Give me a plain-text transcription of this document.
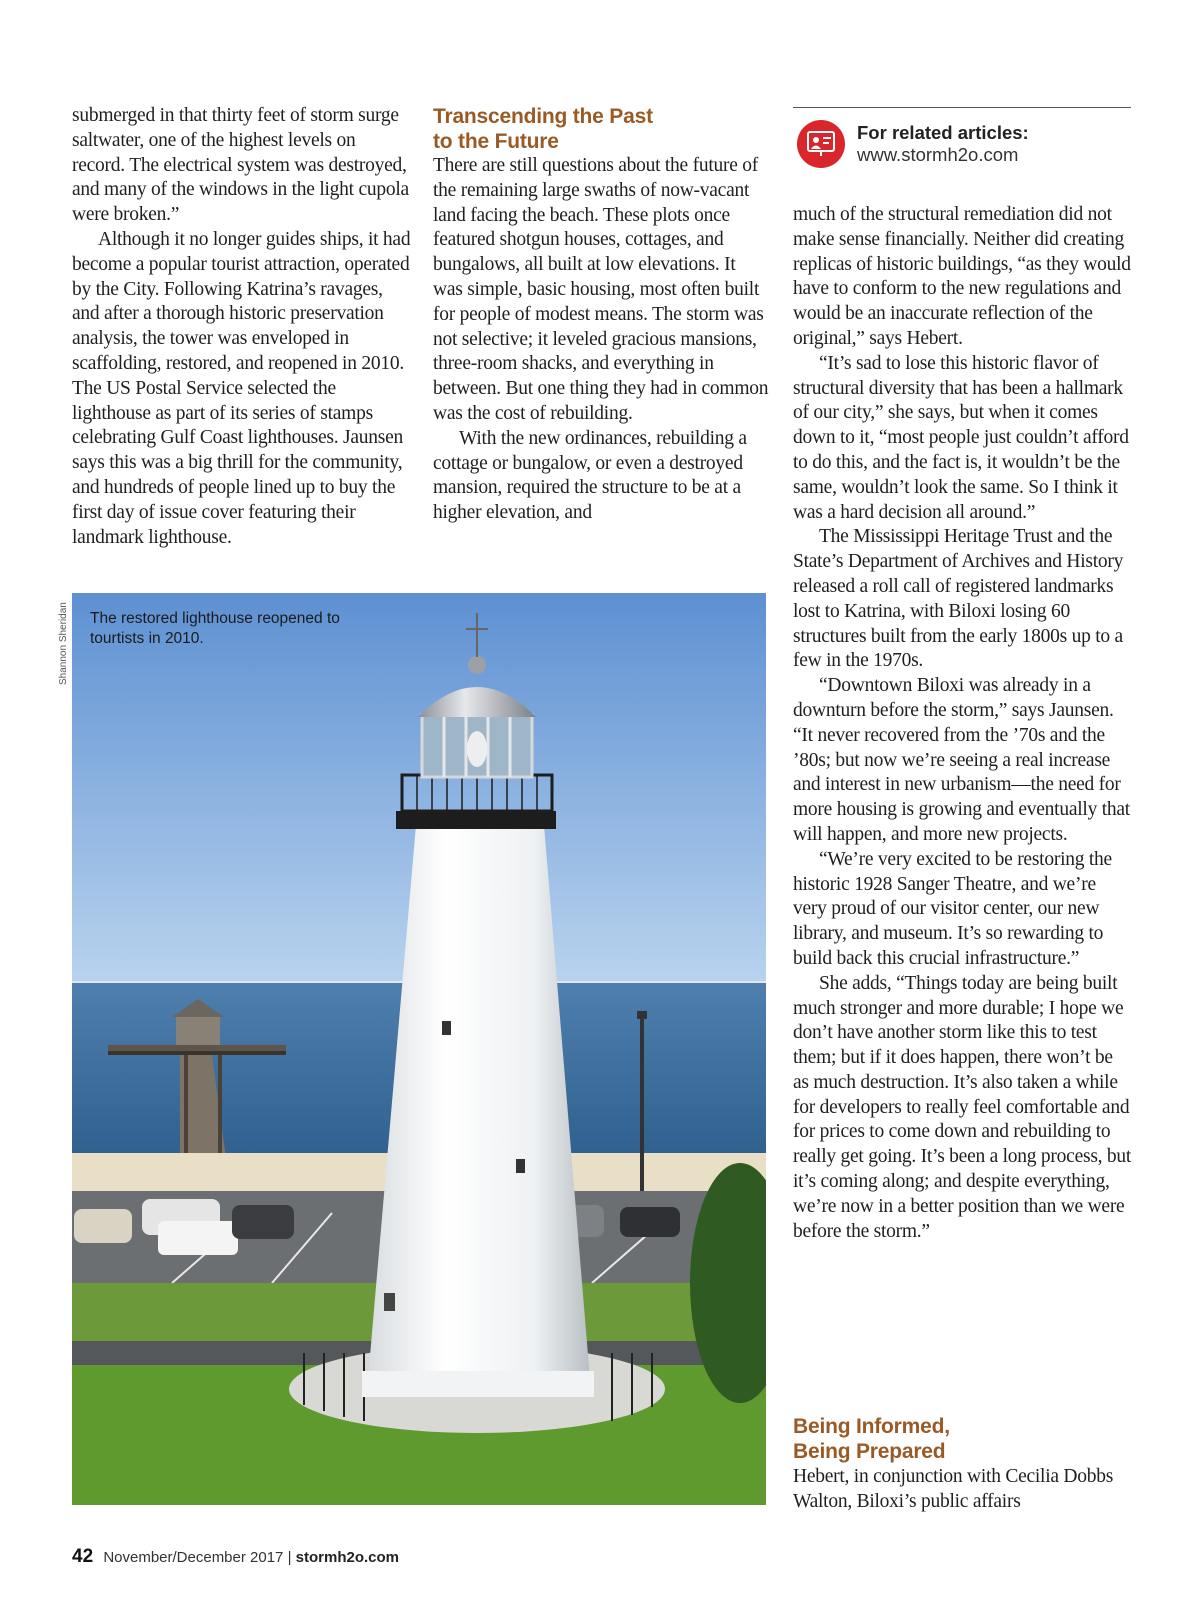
submerged in that thirty feet of storm surge saltwater, one of the highest levels on record. The electrical system was destroyed, and many of the windows in the light cupola were broken.”

Although it no longer guides ships, it had become a popular tourist attraction, operated by the City. Following Katrina’s ravages, and after a thorough historic preservation analysis, the tower was enveloped in scaffolding, restored, and reopened in 2010. The US Postal Service selected the lighthouse as part of its series of stamps celebrating Gulf Coast lighthouses. Jaunsen says this was a big thrill for the community, and hundreds of people lined up to buy the first day of issue cover featuring their landmark lighthouse.

Transcending the Past
to the Future

There are still questions about the future of the remaining large swaths of now-vacant land facing the beach. These plots once featured shotgun houses, cottages, and bungalows, all built at low elevations. It was simple, basic housing, most often built for people of modest means. The storm was not selective; it leveled gracious mansions, three-room shacks, and everything in between. But one thing they had in common was the cost of rebuilding.

With the new ordinances, rebuilding a cottage or bungalow, or even a destroyed mansion, required the structure to be at a higher elevation, and

For related articles:
www.stormh2o.com

much of the structural remediation did not make sense financially. Neither did creating replicas of historic buildings, “as they would have to conform to the new regulations and would be an inaccurate reflection of the original,” says Hebert.

“It’s sad to lose this historic flavor of structural diversity that has been a hallmark of our city,” she says, but when it comes down to it, “most people just couldn’t afford to do this, and the fact is, it wouldn’t be the same, wouldn’t look the same. So I think it was a hard decision all around.”

The Mississippi Heritage Trust and the State’s Department of Archives and History released a roll call of registered landmarks lost to Katrina, with Biloxi losing 60 structures built from the early 1800s up to a few in the 1970s.

“Downtown Biloxi was already in a downturn before the storm,” says Jaunsen. “It never recovered from the ’70s and the ’80s; but now we’re seeing a real increase and interest in new urbanism—the need for more housing is growing and eventually that will happen, and more new projects.

“We’re very excited to be restoring the historic 1928 Sanger Theatre, and we’re very proud of our visitor center, our new library, and museum. It’s so rewarding to build back this crucial infrastructure.”

She adds, “Things today are being built much stronger and more durable; I hope we don’t have another storm like this to test them; but if it does happen, there won’t be as much destruction. It’s also taken a while for developers to really feel comfortable and for prices to come down and rebuilding to really get going. It’s been a long process, but it’s coming along; and despite everything, we’re now in a better position than we were before the storm.”

Being Informed,
Being Prepared

Hebert, in conjunction with Cecilia Dobbs Walton, Biloxi’s public affairs

Shannon Sheridan The restored lighthouse reopened to tourtists in 2010.
42 November/December 2017 | stormh2o.com
